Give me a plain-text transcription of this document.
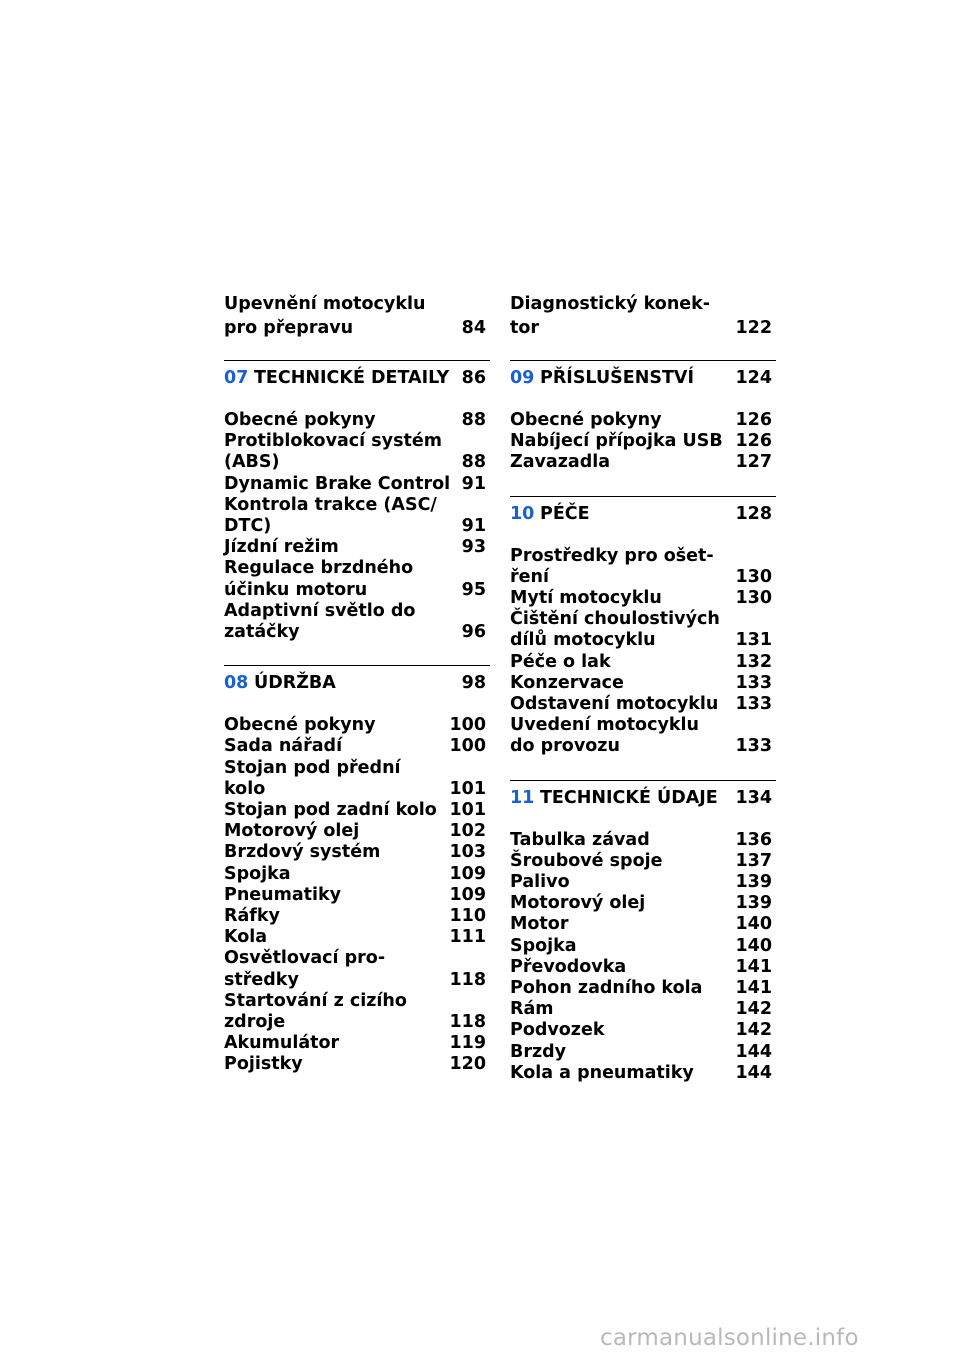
Upevnění motocyklu pro přepravu	84
07 TECHNICKÉ DETAILY 86
Obecné pokyny	88
Protiblokovací systém (ABS)	88
Dynamic Brake Control 91
Kontrola trakce (ASC/ DTC)	91
Jízdní režim	93
Regulace brzdného účinku motoru	95
Adaptivní světlo do zatáčky	96
08 ÚDRŽBA	98
Obecné pokyny	100
Sada nářadí	100
Stojan pod přední kolo	101
Stojan pod zadní kolo 101
Motorový olej	102
Brzdový systém	103
Spojka	109
Pneumatiky	109
Ráfky	110
Kola	111
Osvětlovací pro- středky	118
Startování z cizího zdroje	118
Akumulátor	119
Pojistky	120
Diagnostický konek- tor	122
09 PŘÍSLUŠENSTVÍ	124
Obecné pokyny	126
Nabíjecí přípojka USB 126
Zavazadla	127
10 PÉČE	128
Prostředky pro ošet- ření	130
Mytí motocyklu	130
Čištění choulostivých dílů motocyklu	131
Péče o lak	132
Konzervace	133
Odstavení motocyklu 133
Uvedení motocyklu do provozu	133
11 TECHNICKÉ ÚDAJE	134
Tabulka závad	136
Šroubové spoje	137
Palivo	139
Motorový olej	139
Motor	140
Spojka	140
Převodovka	141
Pohon zadního kola	141
Rám	142
Podvozek	142
Brzdy	144
Kola a pneumatiky	144
carmanualsonline.info
